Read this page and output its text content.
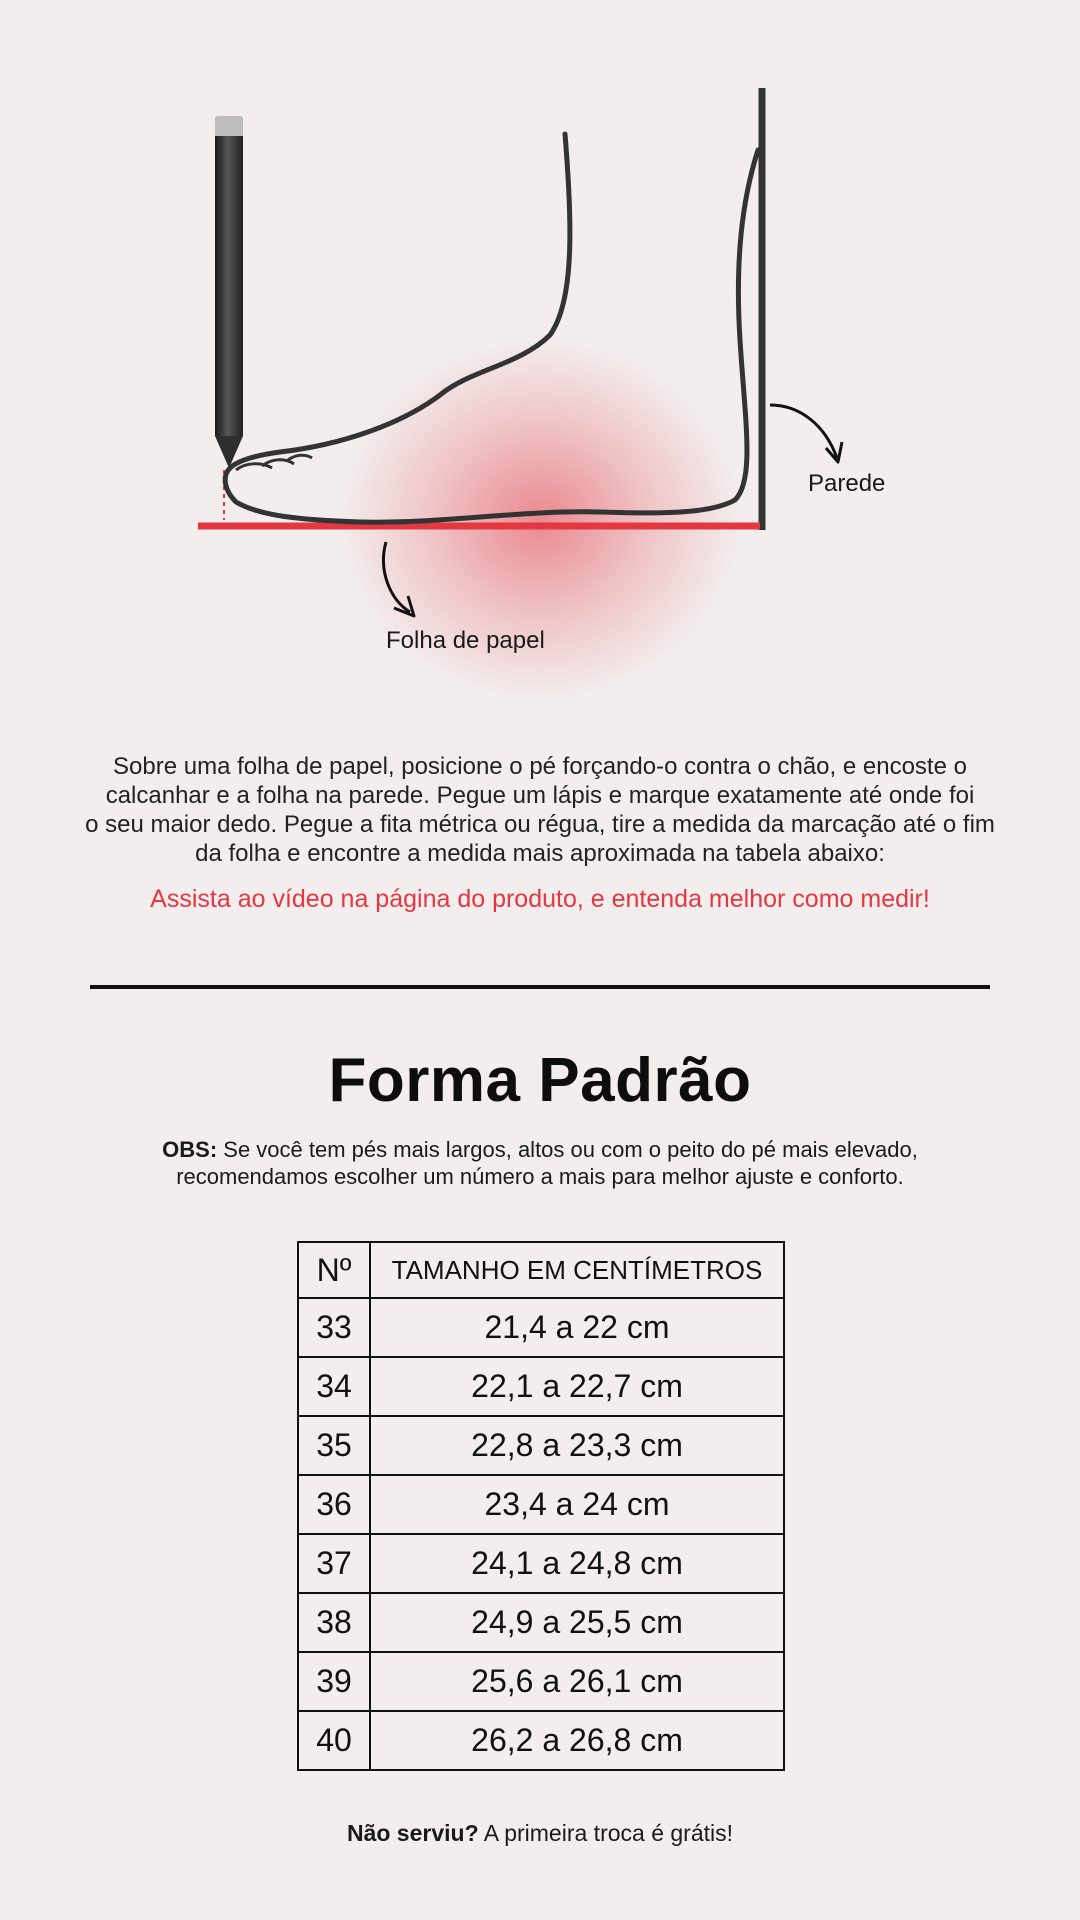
Parede
Folha de papel

Sobre uma folha de papel, posicione o pé forçando-o contra o chão, e encoste o

calcanhar e a folha na parede. Pegue um lápis e marque exatamente até onde foi

o seu maior dedo. Pegue a fita métrica ou régua, tire a medida da marcação até o fim

da folha e encontre a medida mais aproximada na tabela abaixo:

Assista ao vídeo na página do produto, e entenda melhor como medir!
Forma Padrão
OBS: Se você tem pés mais largos, altos ou com o peito do pé mais elevado,
recomendamos escolher um número a mais para melhor ajuste e conforto.
Nº	TAMANHO EM CENTÍMETROS
33	21,4 a 22 cm
34	22,1 a 22,7 cm
35	22,8 a 23,3 cm
36	23,4 a 24 cm
37	24,1 a 24,8 cm
38	24,9 a 25,5 cm
39	25,6 a 26,1 cm
40	26,2 a 26,8 cm
Não serviu? A primeira troca é grátis!
